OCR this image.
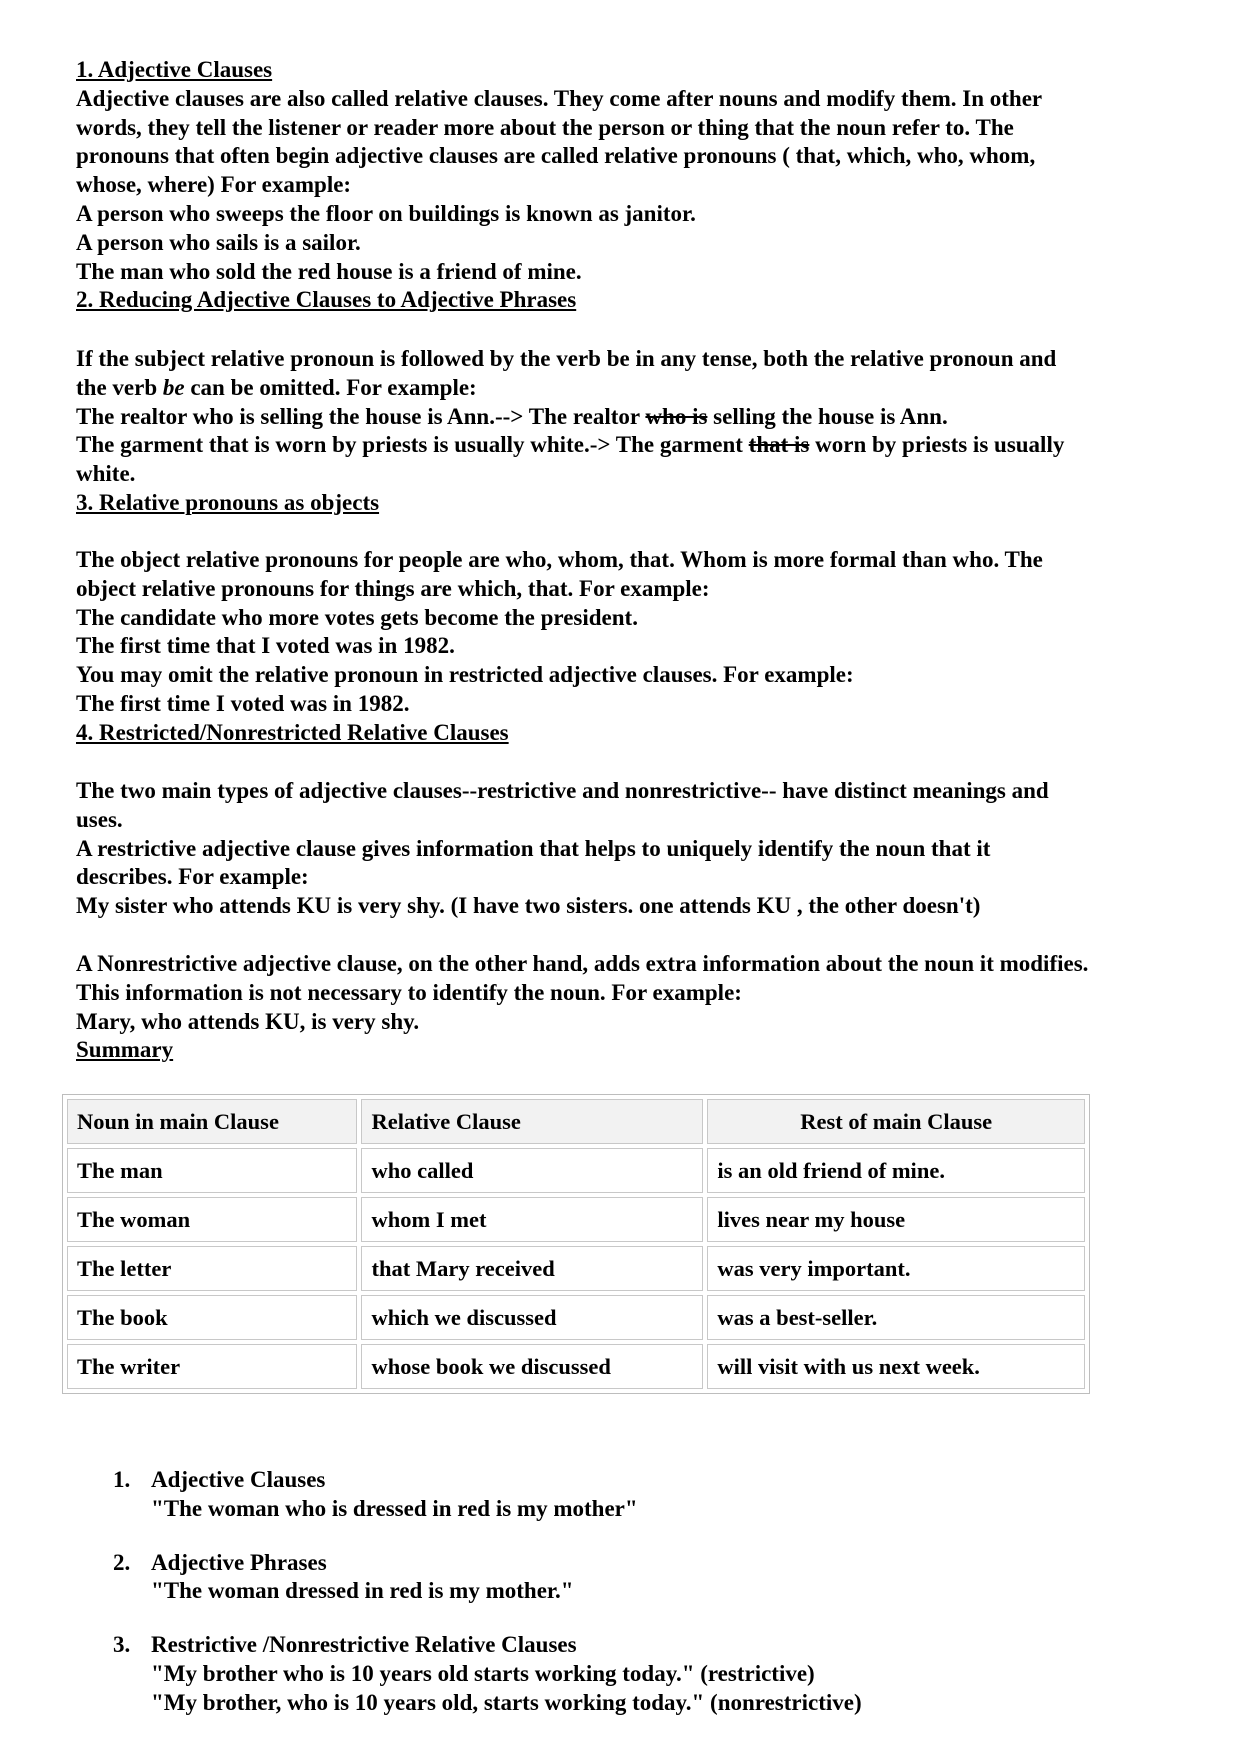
1. Adjective Clauses
Adjective clauses are also called relative clauses. They come after nouns and modify them. In other
words, they tell the listener or reader more about the person or thing that the noun refer to. The
pronouns that often begin adjective clauses are called relative pronouns ( that, which, who, whom,
whose, where) For example:
A person who sweeps the floor on buildings is known as janitor.
A person who sails is a sailor.
The man who sold the red house is a friend of mine.
2. Reducing Adjective Clauses to Adjective Phrases
If the subject relative pronoun is followed by the verb be in any tense, both the relative pronoun and
the verb be can be omitted. For example:
The realtor who is selling the house is Ann.--> The realtor who is selling the house is Ann.
The garment that is worn by priests is usually white.-> The garment that is worn by priests is usually
white.
3. Relative pronouns as objects
The object relative pronouns for people are who, whom, that. Whom is more formal than who. The
object relative pronouns for things are which, that. For example:
The candidate who more votes gets become the president.
The first time that I voted was in 1982.
You may omit the relative pronoun in restricted adjective clauses. For example:
The first time I voted was in 1982.
4. Restricted/Nonrestricted Relative Clauses
The two main types of adjective clauses--restrictive and nonrestrictive-- have distinct meanings and
uses.
A restrictive adjective clause gives information that helps to uniquely identify the noun that it
describes. For example:
My sister who attends KU is very shy. (I have two sisters. one attends KU , the other doesn't)
A Nonrestrictive adjective clause, on the other hand, adds extra information about the noun it modifies.
This information is not necessary to identify the noun. For example:
Mary, who attends KU, is very shy.
Summary
Noun in main Clause	Relative Clause	Rest of main Clause
The man	who called	is an old friend of mine.
The woman	whom I met	lives near my house
The letter	that Mary received	was very important.
The book	which we discussed	was a best-seller.
The writer	whose book we discussed	will visit with us next week.
1. Adjective Clauses
"The woman who is dressed in red is my mother"
2. Adjective Phrases
"The woman dressed in red is my mother."
3. Restrictive /Nonrestrictive Relative Clauses
"My brother who is 10 years old starts working today." (restrictive)
"My brother, who is 10 years old, starts working today." (nonrestrictive)
